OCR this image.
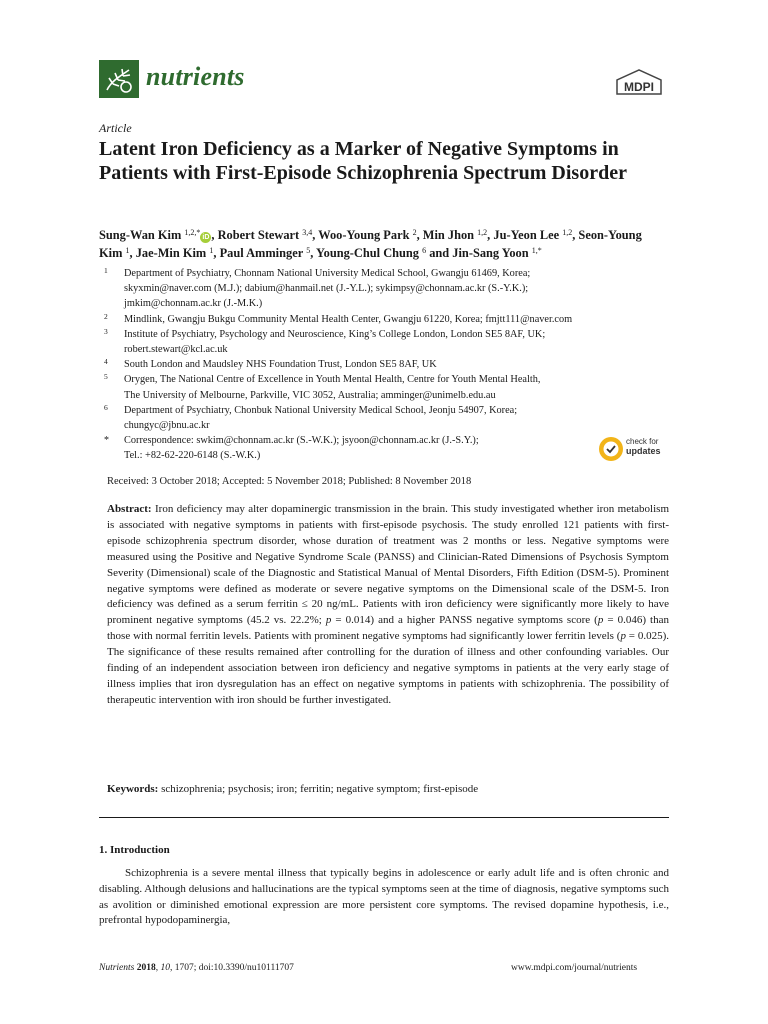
nutrients	MDPI
Article
Latent Iron Deficiency as a Marker of Negative Symptoms in Patients with First-Episode Schizophrenia Spectrum Disorder
Sung-Wan Kim $^{1,2,*}$iD , Robert Stewart $^{3,4}$, Woo-Young Park $^2$, Min Jhon $^{1,2}$, Ju-Yeon Lee $^{1,2}$, Seon-Young Kim $^1$, Jae-Min Kim $^1$, Paul Amminger $^5$, Young-Chul Chung $^6$ and Jin-Sang Yoon $^{1,*}$
1 Department of Psychiatry, Chonnam National University Medical School, Gwangju 61469, Korea;
skyxmin@naver.com (M.J.); dabium@hanmail.net (J.-Y.L.); sykimpsy@chonnam.ac.kr (S.-Y.K.);
jmkim@chonnam.ac.kr (J.-M.K.)
2 Mindlink, Gwangju Bukgu Community Mental Health Center, Gwangju 61220, Korea; fmjtt111@naver.com
3 Institute of Psychiatry, Psychology and Neuroscience, King’s College London, London SE5 8AF, UK;
robert.stewart@kcl.ac.uk
4 South London and Maudsley NHS Foundation Trust, London SE5 8AF, UK
5 Orygen, The National Centre of Excellence in Youth Mental Health, Centre for Youth Mental Health,
The University of Melbourne, Parkville, VIC 3052, Australia; amminger@unimelb.edu.au
6 Department of Psychiatry, Chonbuk National University Medical School, Jeonju 54907, Korea;
chungyc@jbnu.ac.kr
* Correspondence: swkim@chonnam.ac.kr (S.-W.K.); jsyoon@chonnam.ac.kr (J.-S.Y.);
Tel.: +82-62-220-6148 (S.-W.K.)
Received: 3 October 2018; Accepted: 5 November 2018; Published: 8 November 2018
check for
updates

Abstract: Iron deficiency may alter dopaminergic transmission in the brain. This study investigated whether iron metabolism is associated with negative symptoms in patients with first-episode psychosis. The study enrolled 121 patients with first-episode schizophrenia spectrum disorder, whose duration of treatment was 2 months or less. Negative symptoms were measured using the Positive and Negative Syndrome Scale (PANSS) and Clinician-Rated Dimensions of Psychosis Symptom Severity (Dimensional) scale of the Diagnostic and Statistical Manual of Mental Disorders, Fifth Edition (DSM-5). Prominent negative symptoms were defined as moderate or severe negative symptoms on the Dimensional scale of the DSM-5. Iron deficiency was defined as a serum ferritin ≤ 20 ng/mL. Patients with iron deficiency were significantly more likely to have prominent negative symptoms (45.2 vs. 22.2%; p = 0.014) and a higher PANSS negative symptoms score (p = 0.046) than those with normal ferritin levels. Patients with prominent negative symptoms had significantly lower ferritin levels (p = 0.025). The significance of these results remained after controlling for the duration of illness and other confounding variables. Our finding of an independent association between iron deficiency and negative symptoms in patients at the very early stage of illness implies that iron dysregulation has an effect on negative symptoms in patients with schizophrenia. The possibility of therapeutic intervention with iron should be further investigated.

Keywords: schizophrenia; psychosis; iron; ferritin; negative symptom; first-episode
1. Introduction

Schizophrenia is a severe mental illness that typically begins in adolescence or early adult life and is often chronic and disabling. Although delusions and hallucinations are the typical symptoms seen at the time of diagnosis, negative symptoms such as avolition or diminished emotional expression are more persistent core symptoms. The revised dopamine hypothesis, i.e., prefrontal hypodopaminergia,

Nutrients 2018, 10, 1707; doi:10.3390/nu10111707	www.mdpi.com/journal/nutrients
